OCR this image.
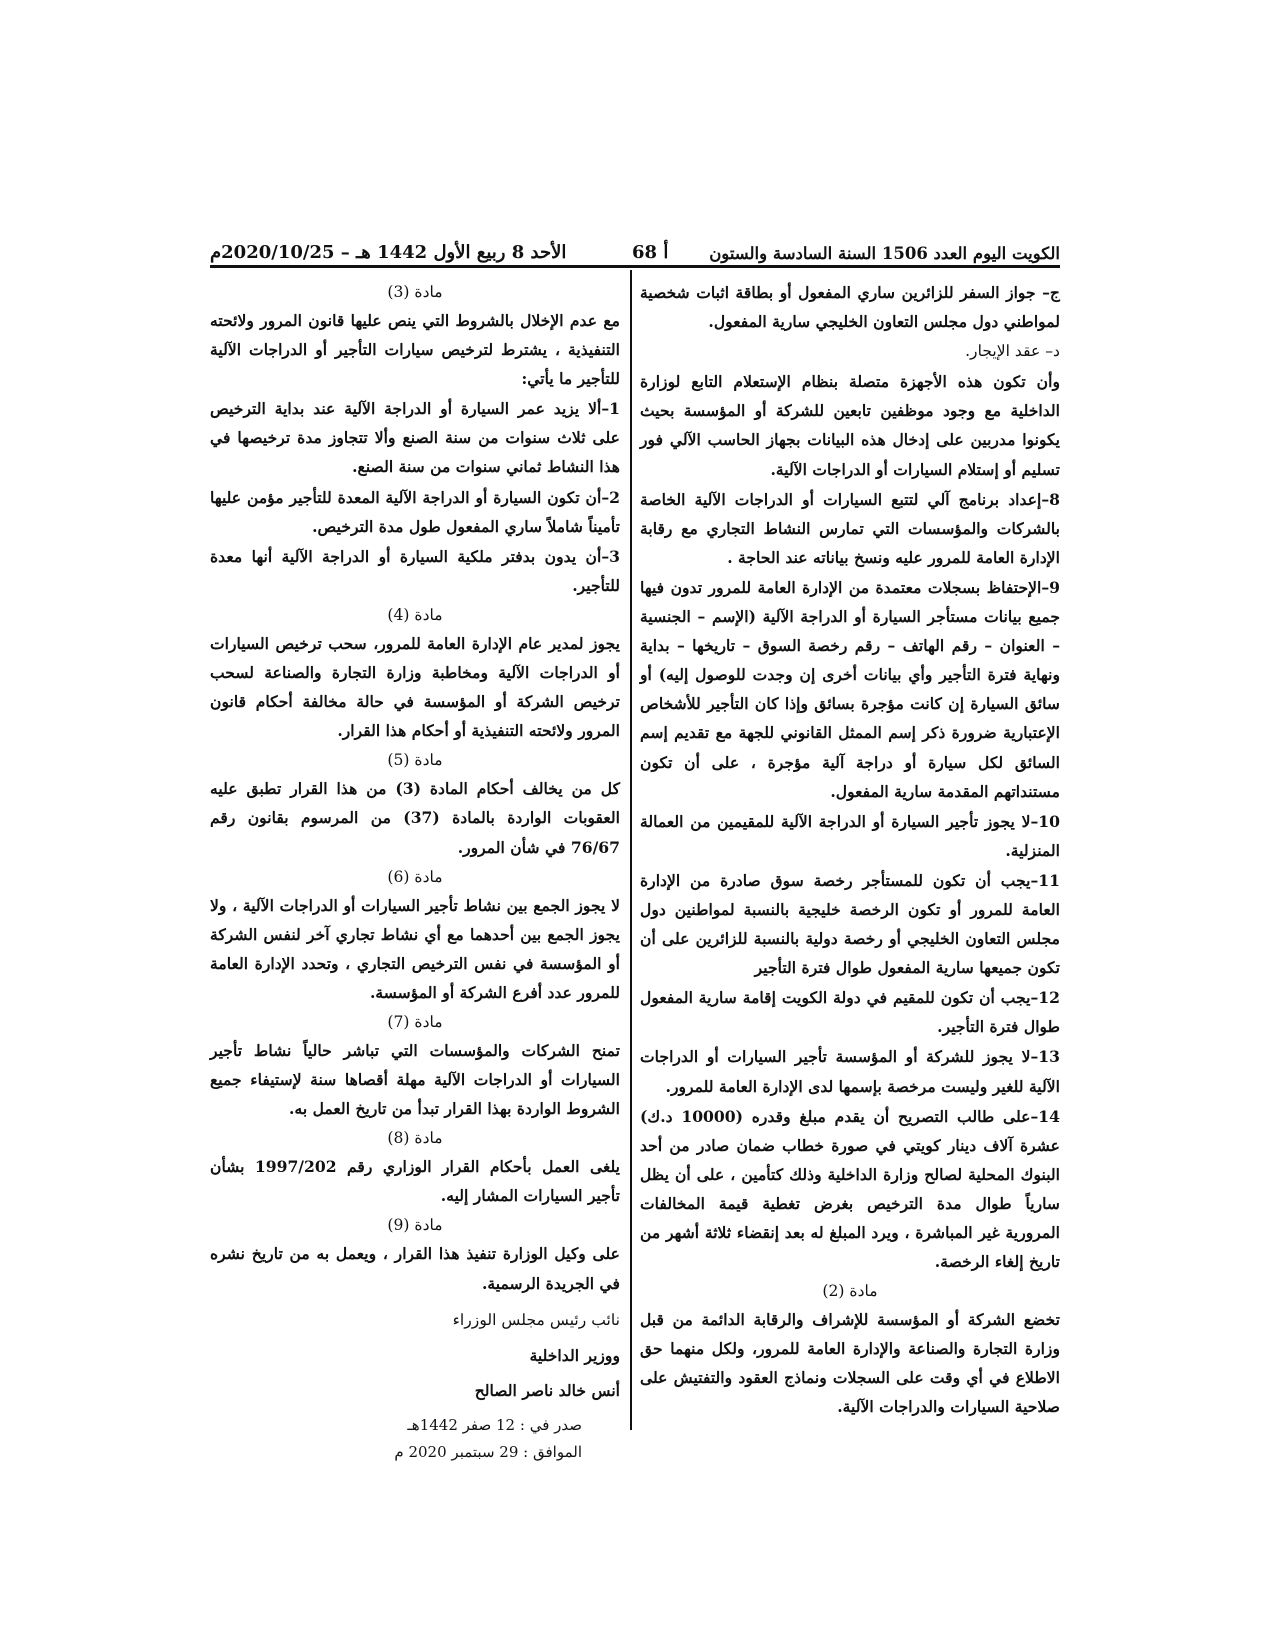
الكويت اليوم العدد 1506 السنة السادسة والستون
أ 68
الأحد 8 ربيع الأول 1442 هـ – 2020/10/25م

ج– جواز السفر للزائرين ساري المفعول أو بطاقة اثبات شخصية لمواطني دول مجلس التعاون الخليجي سارية المفعول.

د– عقد الإيجار.

وأن تكون هذه الأجهزة متصلة بنظام الإستعلام التابع لوزارة الداخلية مع وجود موظفين تابعين للشركة أو المؤسسة بحيث يكونوا مدربين على إدخال هذه البيانات بجهاز الحاسب الآلي فور تسليم أو إستلام السيارات أو الدراجات الآلية.

8–إعداد برنامج آلي لتتبع السيارات أو الدراجات الآلية الخاصة بالشركات والمؤسسات التي تمارس النشاط التجاري مع رقابة الإدارة العامة للمرور عليه ونسخ بياناته عند الحاجة .

9–الإحتفاظ بسجلات معتمدة من الإدارة العامة للمرور تدون فيها جميع بيانات مستأجر السيارة أو الدراجة الآلية (الإسم – الجنسية – العنوان – رقم الهاتف – رقم رخصة السوق – تاريخها – بداية ونهاية فترة التأجير وأي بيانات أخرى إن وجدت للوصول إليه) أو سائق السيارة إن كانت مؤجرة بسائق وإذا كان التأجير للأشخاص الإعتبارية ضرورة ذكر إسم الممثل القانوني للجهة مع تقديم إسم السائق لكل سيارة أو دراجة آلية مؤجرة ، على أن تكون مستنداتهم المقدمة سارية المفعول.

10–لا يجوز تأجير السيارة أو الدراجة الآلية للمقيمين من العمالة المنزلية.

11–يجب أن تكون للمستأجر رخصة سوق صادرة من الإدارة العامة للمرور أو تكون الرخصة خليجية بالنسبة لمواطنين دول مجلس التعاون الخليجي أو رخصة دولية بالنسبة للزائرين على أن تكون جميعها سارية المفعول طوال فترة التأجير

12–يجب أن تكون للمقيم في دولة الكويت إقامة سارية المفعول طوال فترة التأجير.

13–لا يجوز للشركة أو المؤسسة تأجير السيارات أو الدراجات الآلية للغير وليست مرخصة بإسمها لدى الإدارة العامة للمرور.

14–على طالب التصريح أن يقدم مبلغ وقدره (10000 د.ك) عشرة آلاف دينار كويتي في صورة خطاب ضمان صادر من أحد البنوك المحلية لصالح وزارة الداخلية وذلك كتأمين ، على أن يظل سارياً طوال مدة الترخيص بغرض تغطية قيمة المخالفات المرورية غير المباشرة ، ويرد المبلغ له بعد إنقضاء ثلاثة أشهر من تاريخ إلغاء الرخصة.

مادة (2)

تخضع الشركة أو المؤسسة للإشراف والرقابة الدائمة من قبل وزارة التجارة والصناعة والإدارة العامة للمرور، ولكل منهما حق الاطلاع في أي وقت على السجلات ونماذج العقود والتفتيش على صلاحية السيارات والدراجات الآلية.

مادة (3)

مع عدم الإخلال بالشروط التي ينص عليها قانون المرور ولائحته التنفيذية ، يشترط لترخيص سيارات التأجير أو الدراجات الآلية للتأجير ما يأتي:

1–ألا يزيد عمر السيارة أو الدراجة الآلية عند بداية الترخيص على ثلاث سنوات من سنة الصنع وألا تتجاوز مدة ترخيصها في هذا النشاط ثماني سنوات من سنة الصنع.

2–أن تكون السيارة أو الدراجة الآلية المعدة للتأجير مؤمن عليها تأميناً شاملاً ساري المفعول طول مدة الترخيص.

3–أن يدون بدفتر ملكية السيارة أو الدراجة الآلية أنها معدة للتأجير.

مادة (4)

يجوز لمدير عام الإدارة العامة للمرور، سحب ترخيص السيارات أو الدراجات الآلية ومخاطبة وزارة التجارة والصناعة لسحب ترخيص الشركة أو المؤسسة في حالة مخالفة أحكام قانون المرور ولائحته التنفيذية أو أحكام هذا القرار.

مادة (5)

كل من يخالف أحكام المادة (3) من هذا القرار تطبق عليه العقوبات الواردة بالمادة (37) من المرسوم بقانون رقم 76/67 في شأن المرور.

مادة (6)

لا يجوز الجمع بين نشاط تأجير السيارات أو الدراجات الآلية ، ولا يجوز الجمع بين أحدهما مع أي نشاط تجاري آخر لنفس الشركة أو المؤسسة في نفس الترخيص التجاري ، وتحدد الإدارة العامة للمرور عدد أفرع الشركة أو المؤسسة.

مادة (7)

تمنح الشركات والمؤسسات التي تباشر حالياً نشاط تأجير السيارات أو الدراجات الآلية مهلة أقصاها سنة لإستيفاء جميع الشروط الواردة بهذا القرار تبدأ من تاريخ العمل به.

مادة (8)

يلغى العمل بأحكام القرار الوزاري رقم 1997/202 بشأن تأجير السيارات المشار إليه.

مادة (9)

على وكيل الوزارة تنفيذ هذا القرار ، ويعمل به من تاريخ نشره في الجريدة الرسمية.

نائب رئيس مجلس الوزراء

ووزير الداخلية

أنس خالد ناصر الصالح

صدر في : 12 صفر 1442هـ

الموافق : 29 سبتمبر 2020 م
